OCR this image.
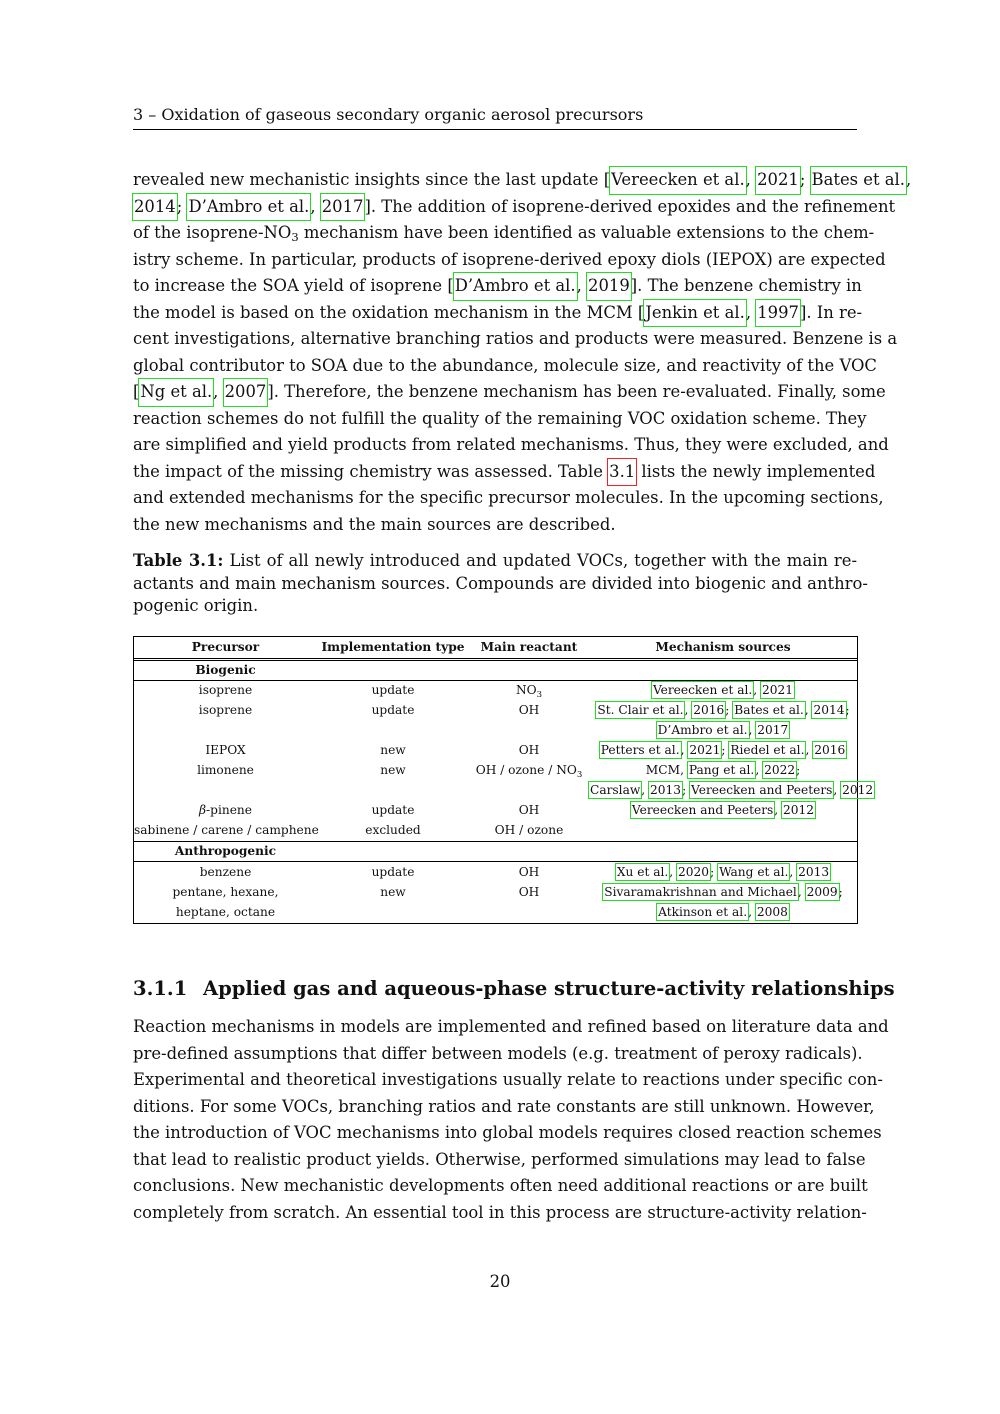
3 – Oxidation of gaseous secondary organic aerosol precursors
revealed new mechanistic insights since the last update [Vereecken et al., 2021; Bates et al.,
2014; D’Ambro et al., 2017]. The addition of isoprene-derived epoxides and the refinement
of the isoprene-$NO_3$ mechanism have been identified as valuable extensions to the chem-
istry scheme. In particular, products of isoprene-derived epoxy diols (IEPOX) are expected
to increase the SOA yield of isoprene [D’Ambro et al., 2019]. The benzene chemistry in
the model is based on the oxidation mechanism in the MCM [Jenkin et al., 1997]. In re-
cent investigations, alternative branching ratios and products were measured. Benzene is a
global contributor to SOA due to the abundance, molecule size, and reactivity of the VOC
[Ng et al., 2007]. Therefore, the benzene mechanism has been re-evaluated. Finally, some
reaction schemes do not fulfill the quality of the remaining VOC oxidation scheme. They
are simplified and yield products from related mechanisms. Thus, they were excluded, and
the impact of the missing chemistry was assessed. Table 3.1 lists the newly implemented
and extended mechanisms for the specific precursor molecules. In the upcoming sections,
the new mechanisms and the main sources are described.
Table 3.1: List of all newly introduced and updated VOCs, together with the main re-
actants and main mechanism sources. Compounds are divided into biogenic and anthro-
pogenic origin.
Precursor	Implementation type	Main reactant	Mechanism sources
Biogenic
isoprene	update	$NO_3$	Vereecken et al., 2021
isoprene	update	OH	St. Clair et al., 2016; Bates et al., 2014;
D’Ambro et al., 2017
IEPOX	new	OH	Petters et al., 2021; Riedel et al., 2016
limonene	new	OH / ozone / $NO_3$	MCM, Pang et al., 2022;
Carslaw, 2013; Vereecken and Peeters, 2012
β-pinene	update	OH	Vereecken and Peeters, 2012
sabinene / carene / camphene	excluded	OH / ozone
Anthropogenic
benzene	update	OH	Xu et al., 2020; Wang et al., 2013
pentane, hexane,	new	OH	Sivaramakrishnan and Michael, 2009;
heptane, octane	Atkinson et al., 2008
3.1.1 Applied gas and aqueous-phase structure-activity relationships
Reaction mechanisms in models are implemented and refined based on literature data and
pre-defined assumptions that differ between models (e.g. treatment of peroxy radicals).
Experimental and theoretical investigations usually relate to reactions under specific con-
ditions. For some VOCs, branching ratios and rate constants are still unknown. However,
the introduction of VOC mechanisms into global models requires closed reaction schemes
that lead to realistic product yields. Otherwise, performed simulations may lead to false
conclusions. New mechanistic developments often need additional reactions or are built
completely from scratch. An essential tool in this process are structure-activity relation-
20
